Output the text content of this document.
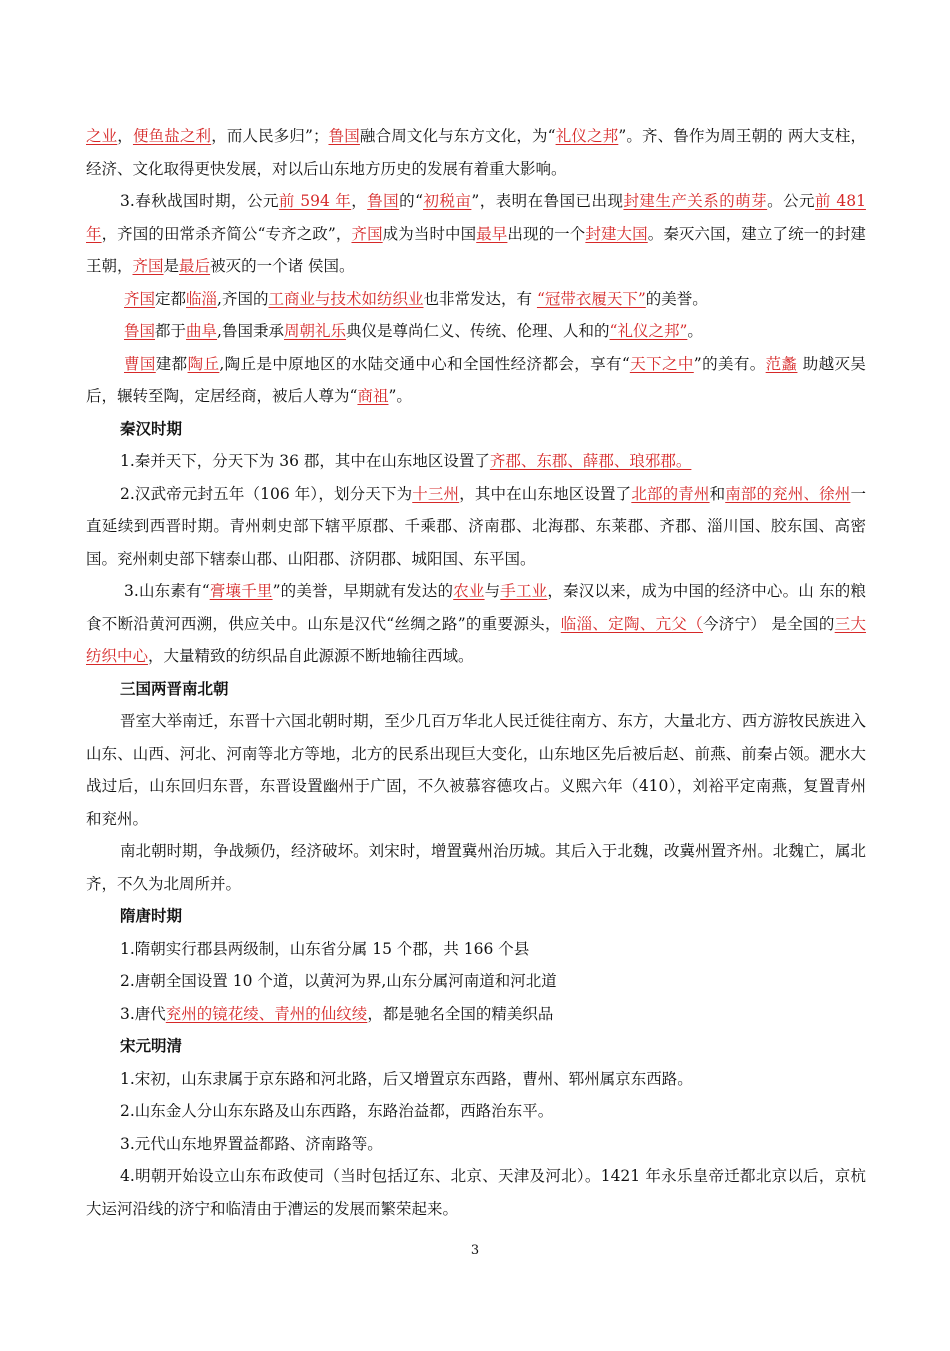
之业，便鱼盐之利，而人民多归”；鲁国融合周文化与东方文化，为“礼仪之邦”。齐、鲁作为周王朝的 两大支柱，经济、文化取得更快发展，对以后山东地方历史的发展有着重大影响。

3.春秋战国时期，公元前 594 年，鲁国的“初税亩”，表明在鲁国已出现封建生产关系的萌芽。公元前 481 年，齐国的田常杀齐简公“专齐之政”，齐国成为当时中国最早出现的一个封建大国。秦灭六国，建立了统一的封建王朝，齐国是最后被灭的一个诸 侯国。

齐国定都临淄,齐国的工商业与技术如纺织业也非常发达，有 “冠带衣履天下”的美誉。

鲁国都于曲阜,鲁国秉承周朝礼乐典仪是尊尚仁义、传统、伦理、人和的“礼仪之邦”。

曹国建都陶丘,陶丘是中原地区的水陆交通中心和全国性经济都会，享有“天下之中”的美有。范蠡 助越灭吴后，辗转至陶，定居经商，被后人尊为“商祖”。

秦汉时期

1.秦并天下，分天下为 36 郡，其中在山东地区设置了齐郡、东郡、薛郡、琅邪郡。

2.汉武帝元封五年（106 年），划分天下为十三州，其中在山东地区设置了北部的青州和南部的兖州、徐州一直延续到西晋时期。青州刺史部下辖平原郡、千乘郡、济南郡、北海郡、东莱郡、齐郡、淄川国、胶东国、高密国。兖州刺史部下辖泰山郡、山阳郡、济阴郡、城阳国、东平国。

3.山东素有“膏壤千里”的美誉，早期就有发达的农业与手工业，秦汉以来，成为中国的经济中心。山 东的粮食不断沿黄河西溯，供应关中。山东是汉代“丝绸之路”的重要源头，临淄、定陶、亢父（今济宁） 是全国的三大纺织中心，大量精致的纺织品自此源源不断地输往西域。

三国两晋南北朝

晋室大举南迁，东晋十六国北朝时期，至少几百万华北人民迁徙往南方、东方，大量北方、西方游牧民族进入山东、山西、河北、河南等北方等地，北方的民系出现巨大变化，山东地区先后被后赵、前燕、前秦占领。淝水大战过后，山东回归东晋，东晋设置幽州于广固，不久被慕容德攻占。义熙六年（410），刘裕平定南燕，复置青州和兖州。

南北朝时期，争战频仍，经济破坏。刘宋时，增置冀州治历城。其后入于北魏，改冀州置齐州。北魏亡，属北齐，不久为北周所并。

隋唐时期

1.隋朝实行郡县两级制，山东省分属 15 个郡，共 166 个县

2.唐朝全国设置 10 个道，以黄河为界,山东分属河南道和河北道

3.唐代兖州的镜花绫、青州的仙纹绫，都是驰名全国的精美织品

宋元明清

1.宋初，山东隶属于京东路和河北路，后又增置京东西路，曹州、郓州属京东西路。

2.山东金人分山东东路及山东西路，东路治益都，西路治东平。

3.元代山东地界置益都路、济南路等。

4.明朝开始设立山东布政使司（当时包括辽东、北京、天津及河北）。1421 年永乐皇帝迁都北京以后，京杭大运河沿线的济宁和临清由于漕运的发展而繁荣起来。

3
